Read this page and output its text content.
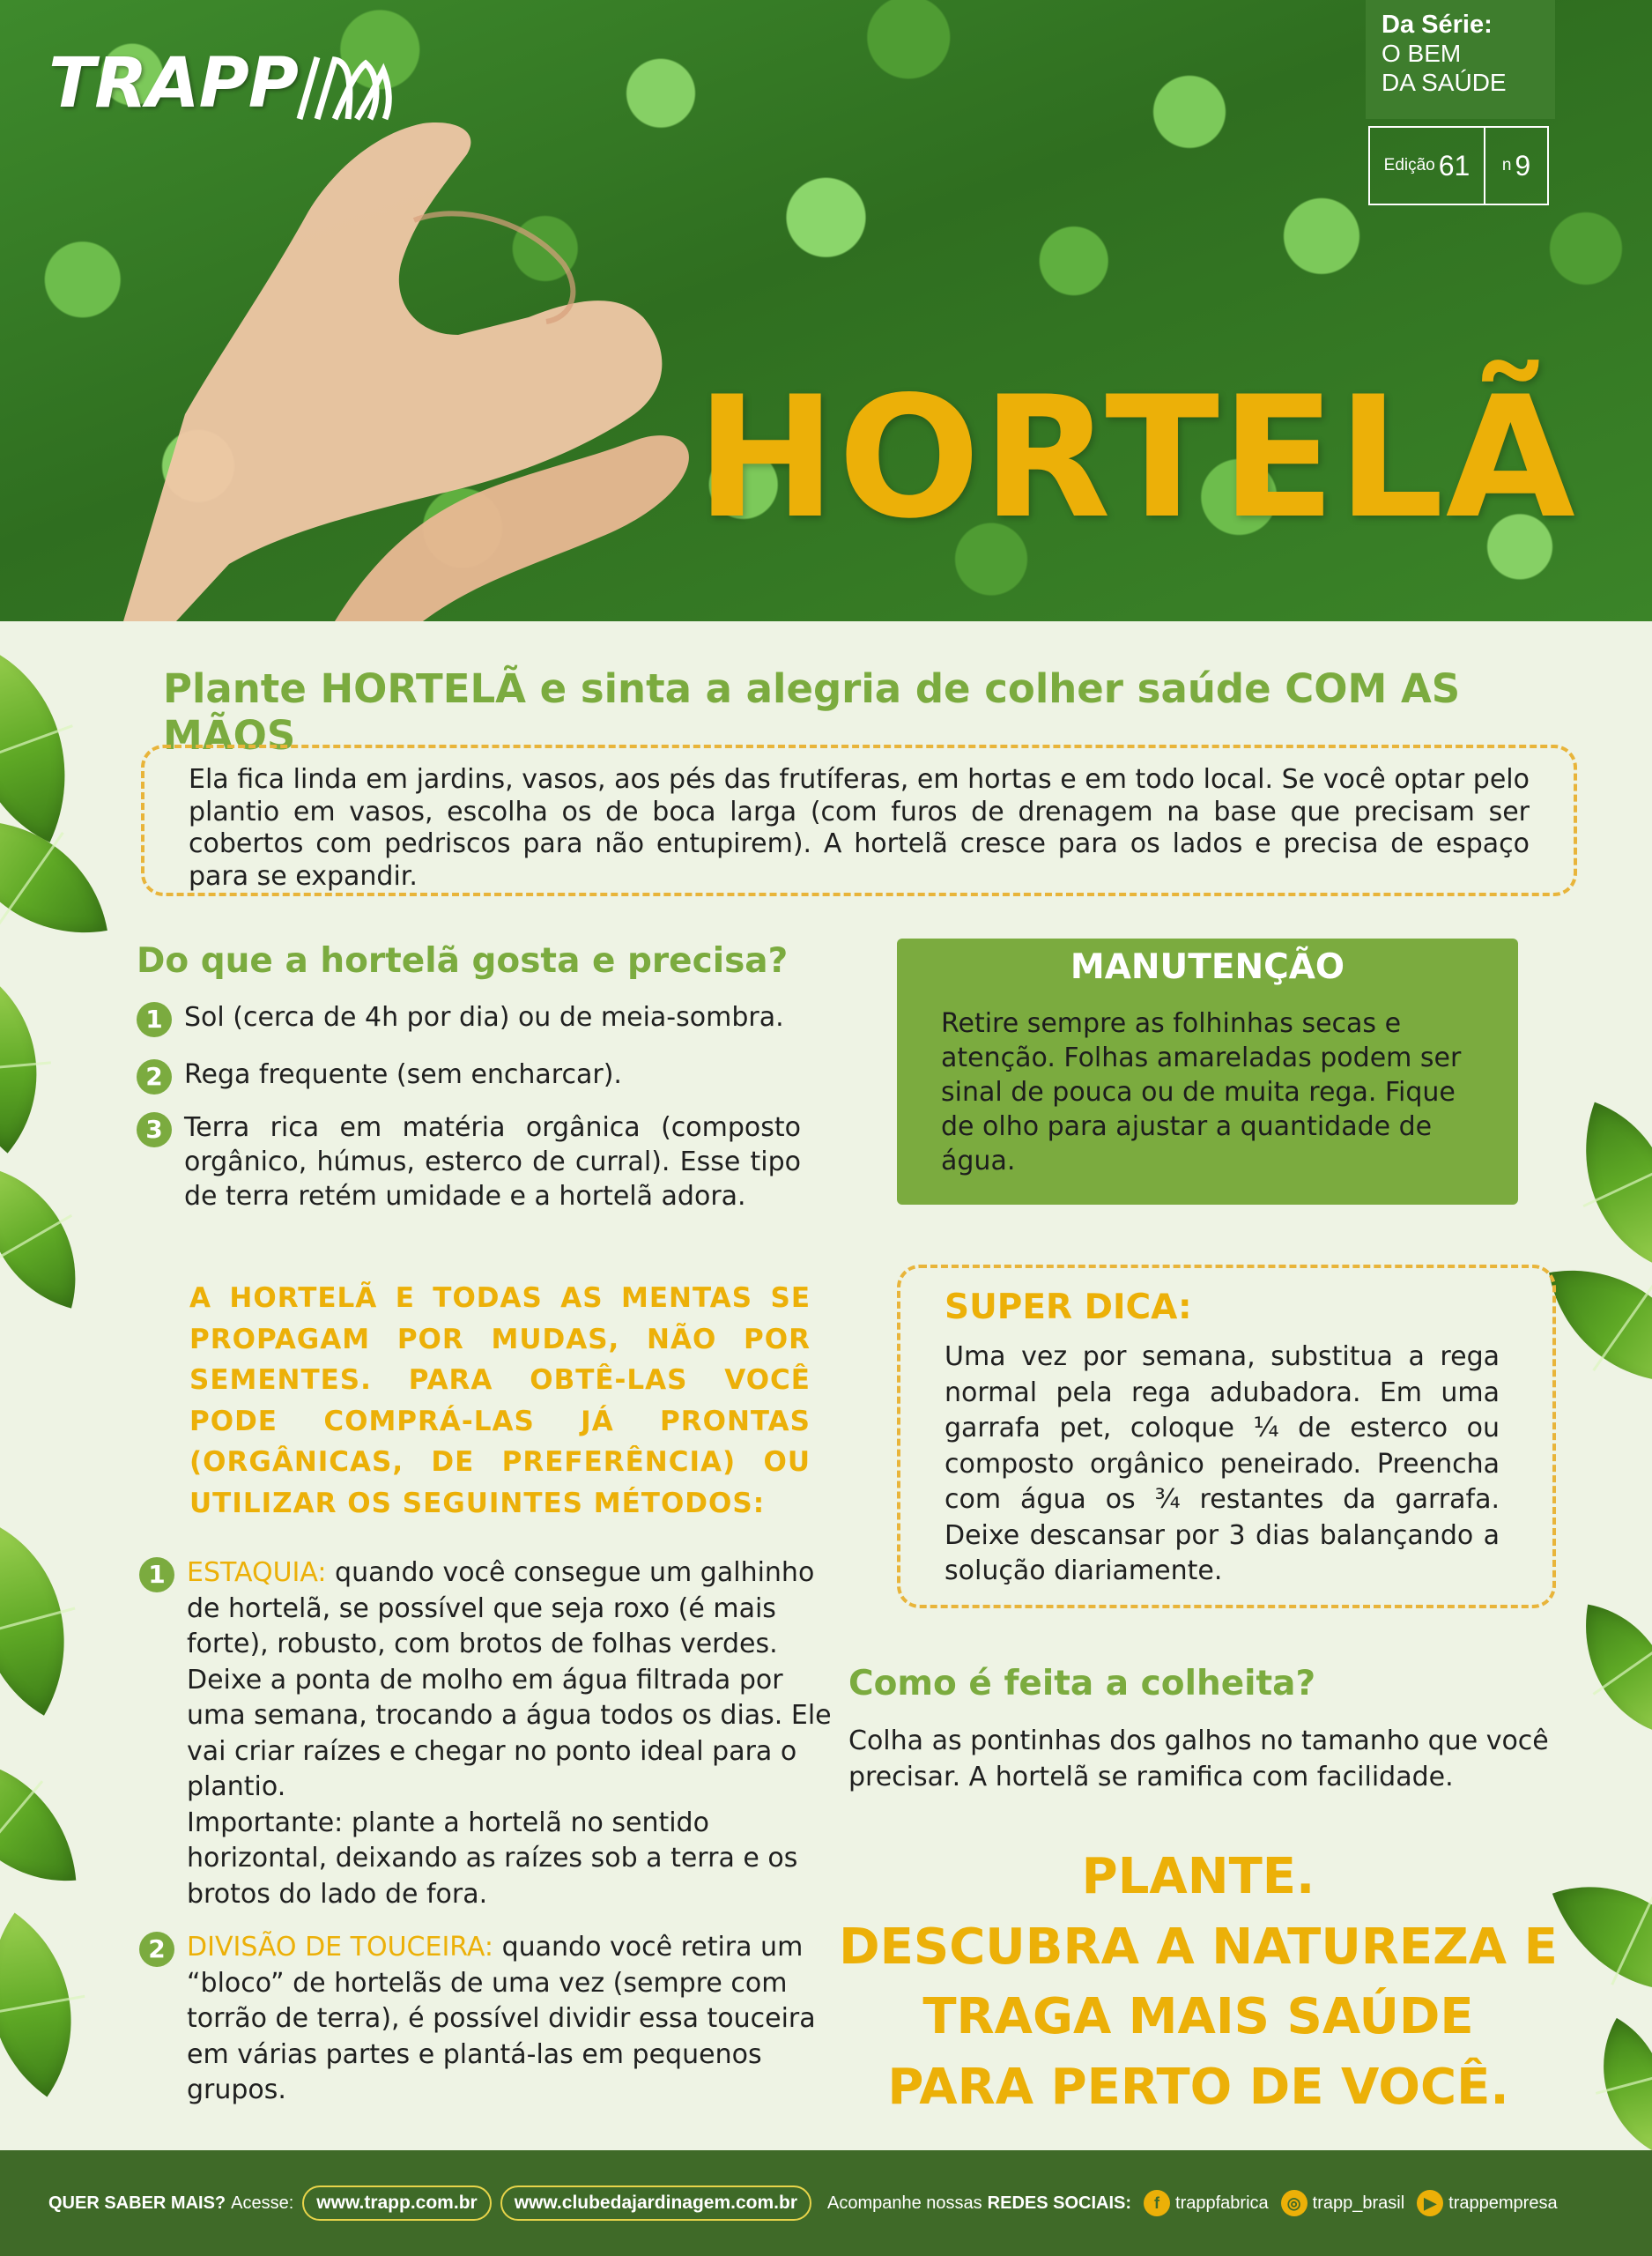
TRAPP
Da Série:
O BEM
DA SAÚDE
Edição 61 n 9
HORTELÃ
Plante HORTELÃ e sinta a alegria de colher saúde COM AS MÃOS

Ela fica linda em jardins, vasos, aos pés das frutíferas, em hortas e em todo local. Se você optar pelo plantio em vasos, escolha os de boca larga (com furos de drenagem na base que precisam ser cobertos com pedriscos para não entupirem). A hortelã cresce para os lados e precisa de espaço para se expandir.

Do que a hortelã gosta e precisa?
1 Sol (cerca de 4h por dia) ou de meia-sombra.
2 Rega frequente (sem encharcar).
3 Terra rica em matéria orgânica (composto orgânico, húmus, esterco de curral). Esse tipo de terra retém umidade e a hortelã adora.
A HORTELÃ E TODAS AS MENTAS SE PROPAGAM POR MUDAS, NÃO POR SEMENTES. PARA OBTÊ-LAS VOCÊ PODE COMPRÁ-LAS JÁ PRONTAS (ORGÂNICAS, DE PREFERÊNCIA) OU UTILIZAR OS SEGUINTES MÉTODOS:
1 ESTAQUIA: quando você consegue um galhinho de hortelã, se possível que seja roxo (é mais forte), robusto, com brotos de folhas verdes. Deixe a ponta de molho em água filtrada por uma semana, trocando a água todos os dias. Ele vai criar raízes e chegar no ponto ideal para o plantio.

Importante: plante a hortelã no sentido horizontal, deixando as raízes sob a terra e os brotos do lado de fora.

2 DIVISÃO DE TOUCEIRA: quando você retira um “bloco” de hortelãs de uma vez (sempre com torrão de terra), é possível dividir essa touceira em várias partes e plantá-las em pequenos grupos.

MANUTENÇÃO

Retire sempre as folhinhas secas e atenção. Folhas amareladas podem ser sinal de pouca ou de muita rega. Fique de olho para ajustar a quantidade de água.

SUPER DICA:

Uma vez por semana, substitua a rega normal pela rega adubadora. Em uma garrafa pet, coloque ¼ de esterco ou composto orgânico peneirado. Preencha com água os ¾ restantes da garrafa. Deixe descansar por 3 dias balançando a solução diariamente.

Como é feita a colheita?

Colha as pontinhas dos galhos no tamanho que você precisar. A hortelã se ramifica com facilidade.

PLANTE.
DESCUBRA A NATUREZA E
TRAGA MAIS SAÚDE
PARA PERTO DE VOCÊ.
QUER SABER MAIS? Acesse:	www.trapp.com.br	www.clubedajardinagem.com.br	Acompanhe nossas REDES SOCIAIS:	f trappfabrica	◎ trapp_brasil	▶ trappempresa
